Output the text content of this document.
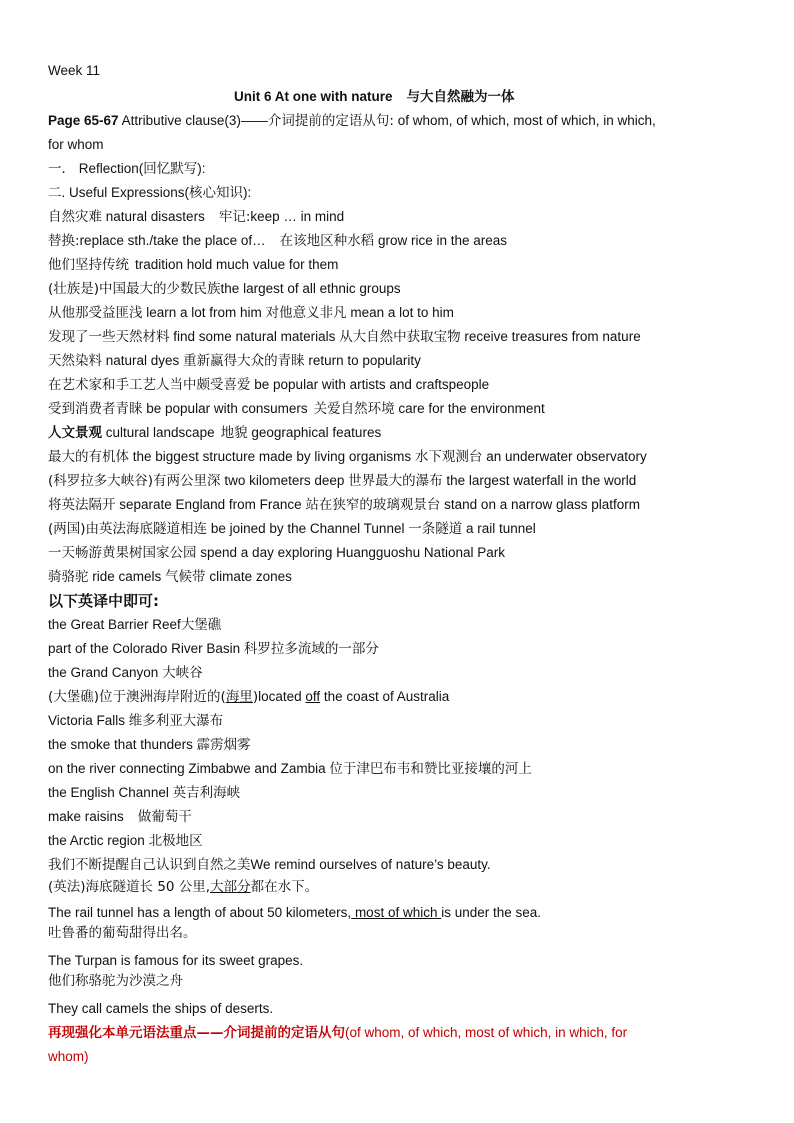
Week 11
Unit 6 At one with nature 与大自然融为一体
Page 65-67 Attributive clause(3)——介词提前的定语从句: of whom, of which, most of which, in which,
for whom
一． Reflection(回忆默写):
二. Useful Expressions(核心知识):
自然灾难 natural disasters 牢记:keep … in mind
替换:replace sth./take the place of… 在该地区种水稻 grow rice in the areas
他们坚持传统 tradition hold much value for them
(壮族是)中国最大的少数民族the largest of all ethnic groups
从他那受益匪浅 learn a lot from him 对他意义非凡 mean a lot to him
发现了一些天然材料 find some natural materials 从大自然中获取宝物 receive treasures from nature
天然染料 natural dyes 重新赢得大众的青睐 return to popularity
在艺术家和手工艺人当中颇受喜爱 be popular with artists and craftspeople
受到消费者青睐 be popular with consumers 关爱自然环境 care for the environment
人文景观 cultural landscape 地貌 geographical features
最大的有机体 the biggest structure made by living organisms 水下观测台 an underwater observatory
(科罗拉多大峡谷)有两公里深 two kilometers deep 世界最大的瀑布 the largest waterfall in the world
将英法隔开 separate England from France 站在狭窄的玻璃观景台 stand on a narrow glass platform
(两国)由英法海底隧道相连 be joined by the Channel Tunnel 一条隧道 a rail tunnel
一天畅游黄果树国家公园 spend a day exploring Huangguoshu National Park
骑骆驼 ride camels 气候带 climate zones
以下英译中即可:
the Great Barrier Reef大堡礁
part of the Colorado River Basin 科罗拉多流域的一部分
the Grand Canyon 大峡谷
(大堡礁)位于澳洲海岸附近的(海里)located off the coast of Australia
Victoria Falls 维多利亚大瀑布
the smoke that thunders 霹雳烟雾
on the river connecting Zimbabwe and Zambia 位于津巴布韦和赞比亚接壤的河上
the English Channel 英吉利海峡
make raisins 做葡萄干
the Arctic region 北极地区
我们不断提醒自己认识到自然之美We remind ourselves of nature’s beauty.
(英法)海底隧道长 50 公里,大部分都在水下。
The rail tunnel has a length of about 50 kilometers, most of which is under the sea.
吐鲁番的葡萄甜得出名。
The Turpan is famous for its sweet grapes.
他们称骆驼为沙漠之舟
They call camels the ships of deserts.
再现强化本单元语法重点——介词提前的定语从句(of whom, of which, most of which, in which, for
whom)
